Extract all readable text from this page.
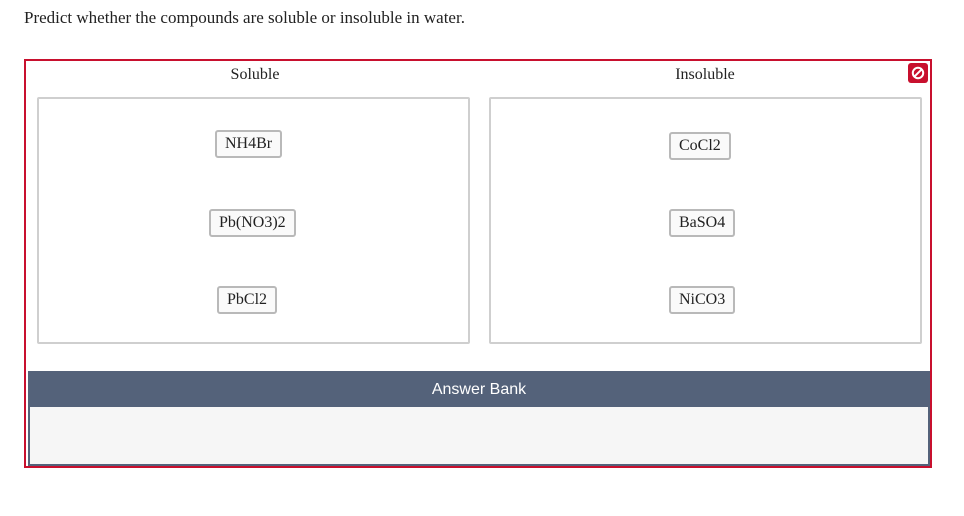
Predict whether the compounds are soluble or insoluble in water.
Soluble	Insoluble
NH 4 Br
Pb(NO 3 ) 2
PbCl 2
CoCl 2
BaSO 4
NiCO 3
Answer Bank
